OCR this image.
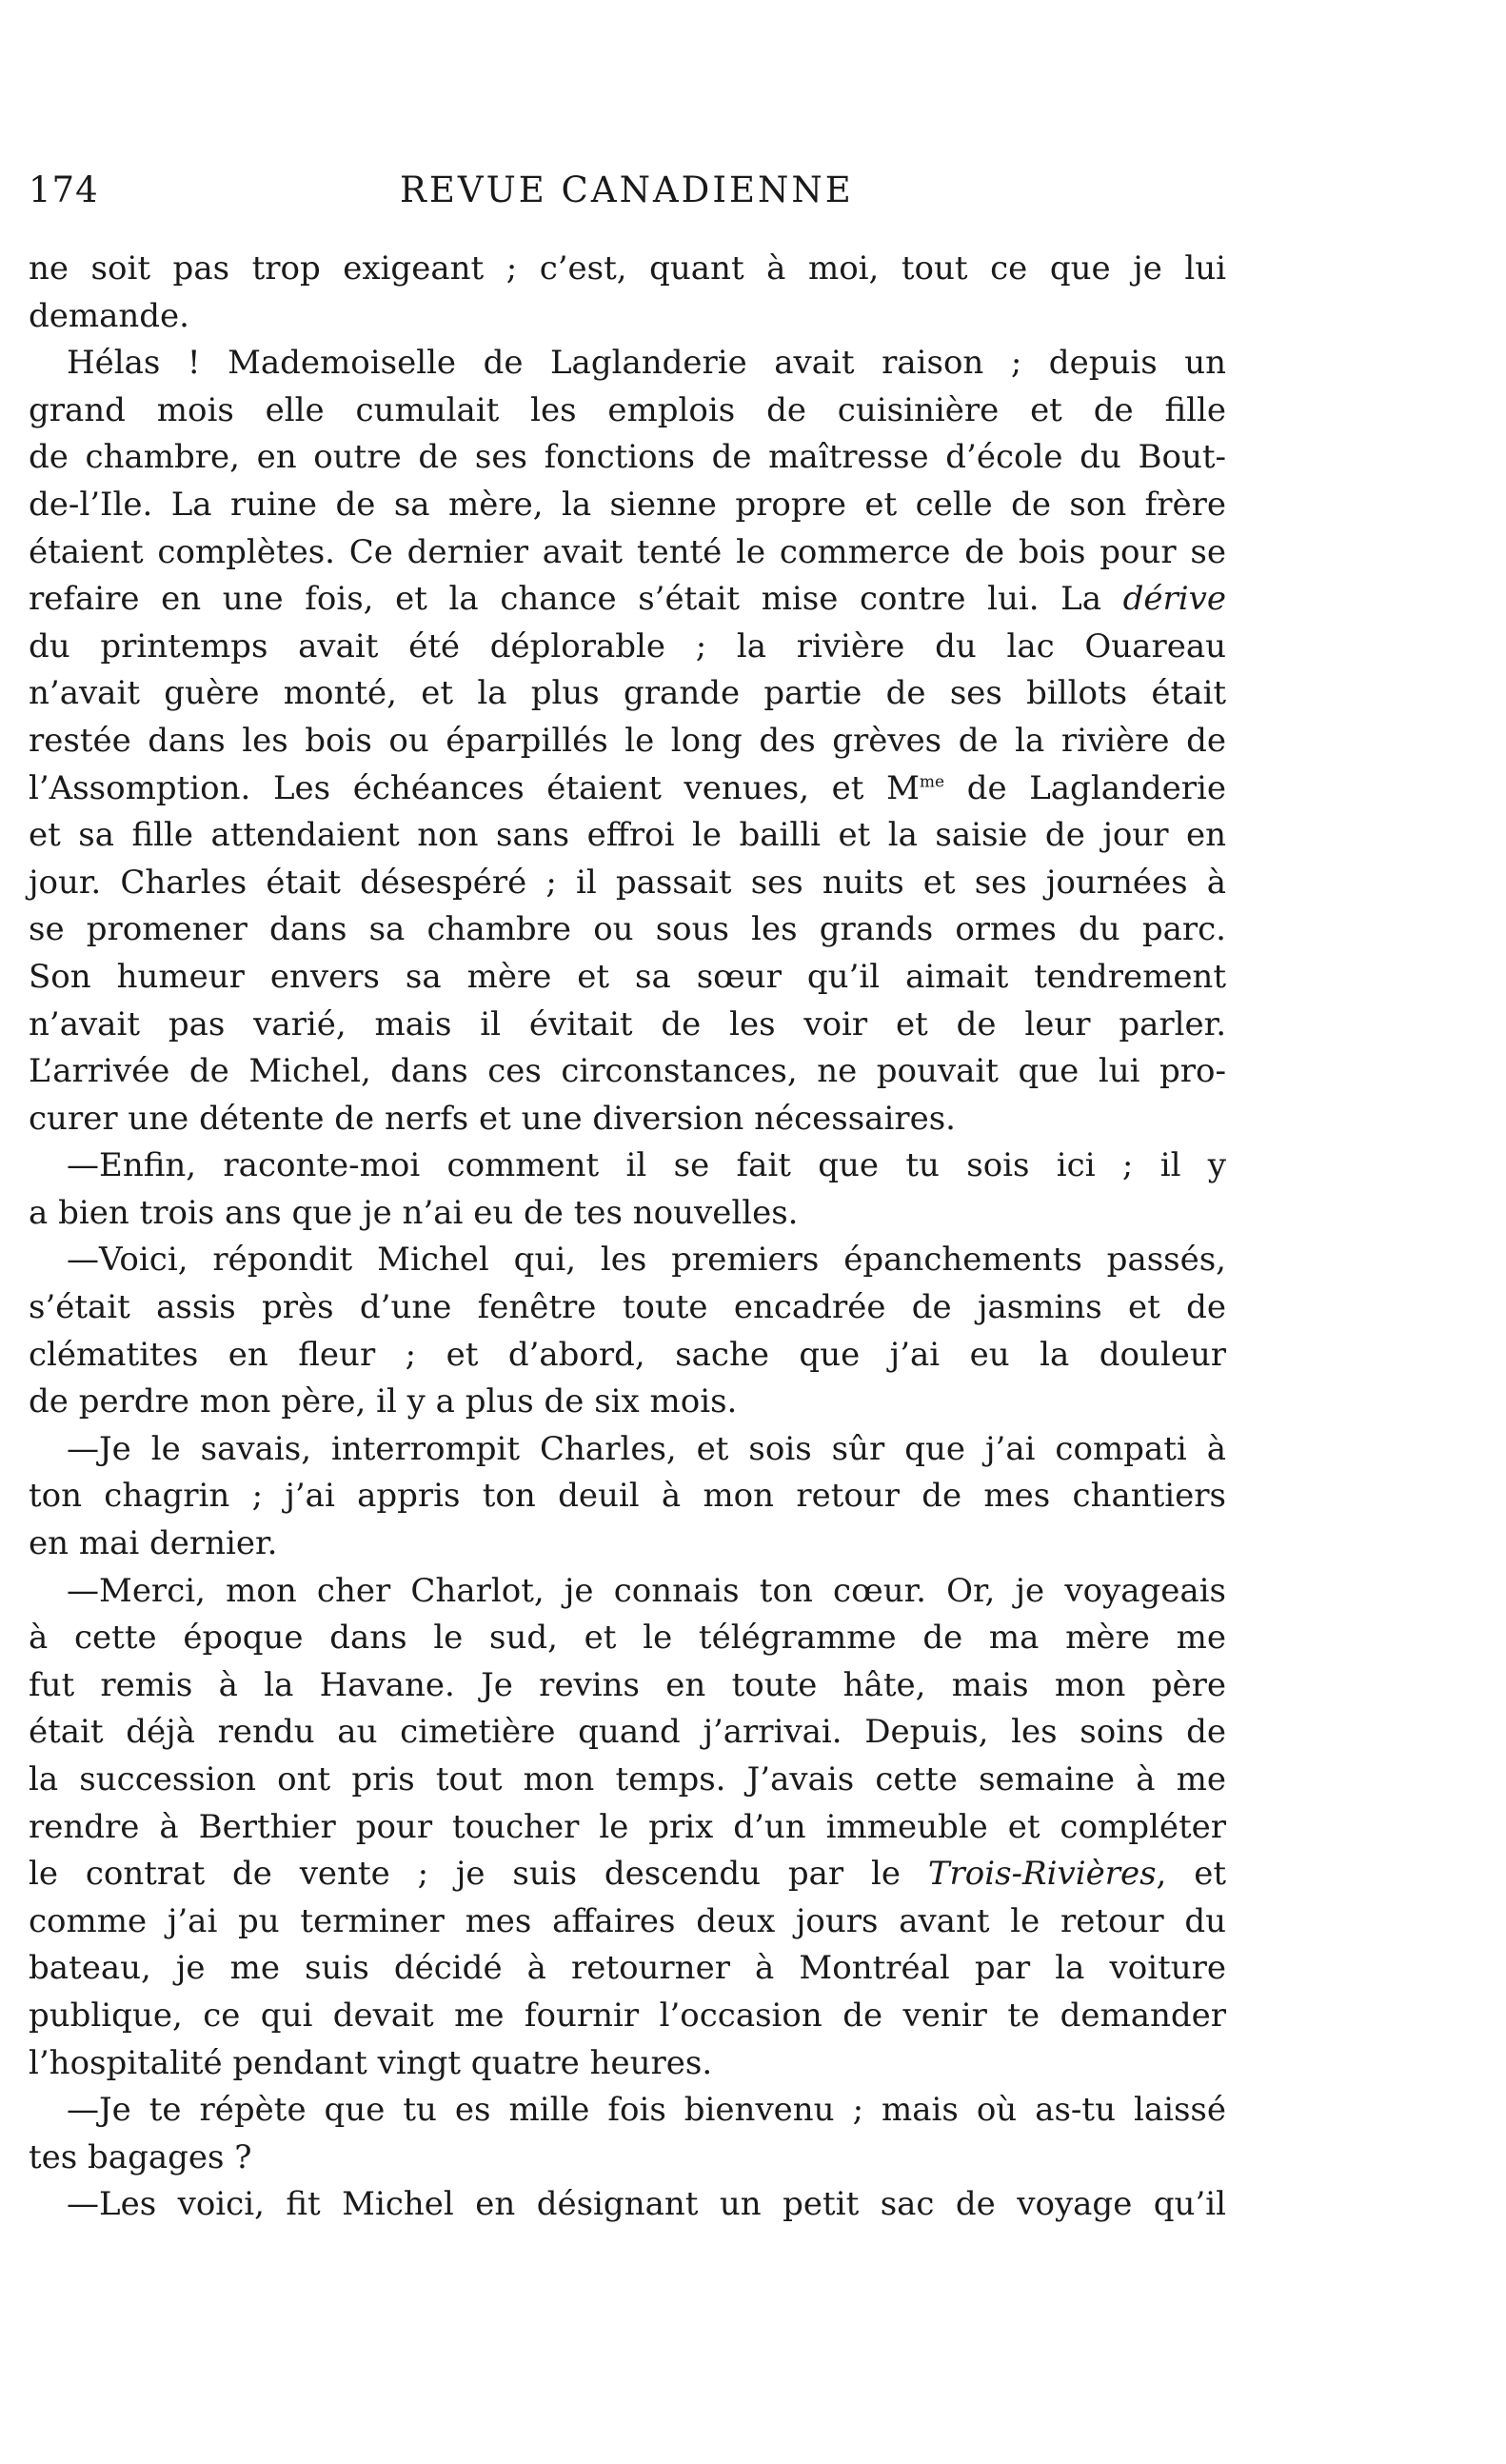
174	REVUE CANADIENNE
ne soit pas trop exigeant ; c’est, quant à moi, tout ce que je lui
demande.
Hélas ! Mademoiselle de Laglanderie avait raison ; depuis un
grand mois elle cumulait les emplois de cuisinière et de fille
de chambre, en outre de ses fonctions de maîtresse d’école du Bout-
de-l’Ile. La ruine de sa mère, la sienne propre et celle de son frère
étaient complètes. Ce dernier avait tenté le commerce de bois pour se
refaire en une fois, et la chance s’était mise contre lui. La dérive
du printemps avait été déplorable ; la rivière du lac Ouareau
n’avait guère monté, et la plus grande partie de ses billots était
restée dans les bois ou éparpillés le long des grèves de la rivière de
l’Assomption. Les échéances étaient venues, et $M^{me}$ de Laglanderie
et sa fille attendaient non sans effroi le bailli et la saisie de jour en
jour. Charles était désespéré ; il passait ses nuits et ses journées à
se promener dans sa chambre ou sous les grands ormes du parc.
Son humeur envers sa mère et sa sœur qu’il aimait tendrement
n’avait pas varié, mais il évitait de les voir et de leur parler.
L’arrivée de Michel, dans ces circonstances, ne pouvait que lui pro-
curer une détente de nerfs et une diversion nécessaires.
—Enfin, raconte-moi comment il se fait que tu sois ici ; il y
a bien trois ans que je n’ai eu de tes nouvelles.
—Voici, répondit Michel qui, les premiers épanchements passés,
s’était assis près d’une fenêtre toute encadrée de jasmins et de
clématites en fleur ; et d’abord, sache que j’ai eu la douleur
de perdre mon père, il y a plus de six mois.
—Je le savais, interrompit Charles, et sois sûr que j’ai compati à
ton chagrin ; j’ai appris ton deuil à mon retour de mes chantiers
en mai dernier.
—Merci, mon cher Charlot, je connais ton cœur. Or, je voyageais
à cette époque dans le sud, et le télégramme de ma mère me
fut remis à la Havane. Je revins en toute hâte, mais mon père
était déjà rendu au cimetière quand j’arrivai. Depuis, les soins de
la succession ont pris tout mon temps. J’avais cette semaine à me
rendre à Berthier pour toucher le prix d’un immeuble et compléter
le contrat de vente ; je suis descendu par le Trois-Rivières, et
comme j’ai pu terminer mes affaires deux jours avant le retour du
bateau, je me suis décidé à retourner à Montréal par la voiture
publique, ce qui devait me fournir l’occasion de venir te demander
l’hospitalité pendant vingt quatre heures.
—Je te répète que tu es mille fois bienvenu ; mais où as-tu laissé
tes bagages ?
—Les voici, fit Michel en désignant un petit sac de voyage qu’il
